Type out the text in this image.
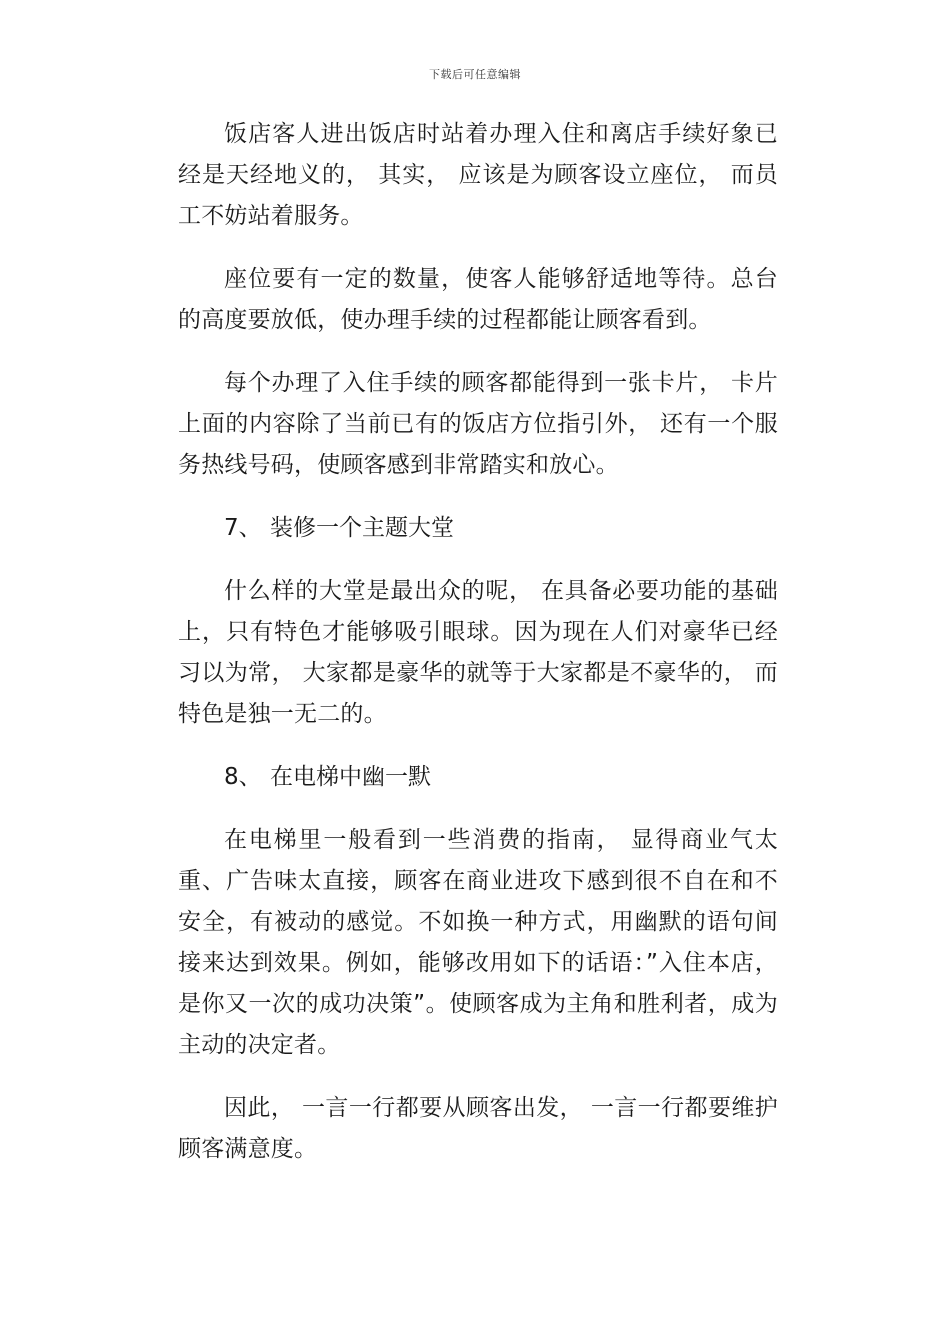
下载后可任意编辑

饭店客人进出饭店时站着办理入住和离店手续好象已经是天经地义的， 其实， 应该是为顾客设立座位， 而员工不妨站着服务。

座位要有一定的数量，使客人能够舒适地等待。总台的高度要放低，使办理手续的过程都能让顾客看到。

每个办理了入住手续的顾客都能得到一张卡片， 卡片上面的内容除了当前已有的饭店方位指引外， 还有一个服务热线号码，使顾客感到非常踏实和放心。

7、 装修一个主题大堂

什么样的大堂是最出众的呢， 在具备必要功能的基础上，只有特色才能够吸引眼球。因为现在人们对豪华已经习以为常， 大家都是豪华的就等于大家都是不豪华的， 而特色是独一无二的。

8、 在电梯中幽一默

在电梯里一般看到一些消费的指南， 显得商业气太重、广告味太直接，顾客在商业进攻下感到很不自在和不安全，有被动的感觉。不如换一种方式，用幽默的语句间接来达到效果。例如，能够改用如下的话语：”入住本店，是你又一次的成功决策”。使顾客成为主角和胜利者，成为主动的决定者。

因此， 一言一行都要从顾客出发， 一言一行都要维护顾客满意度。
